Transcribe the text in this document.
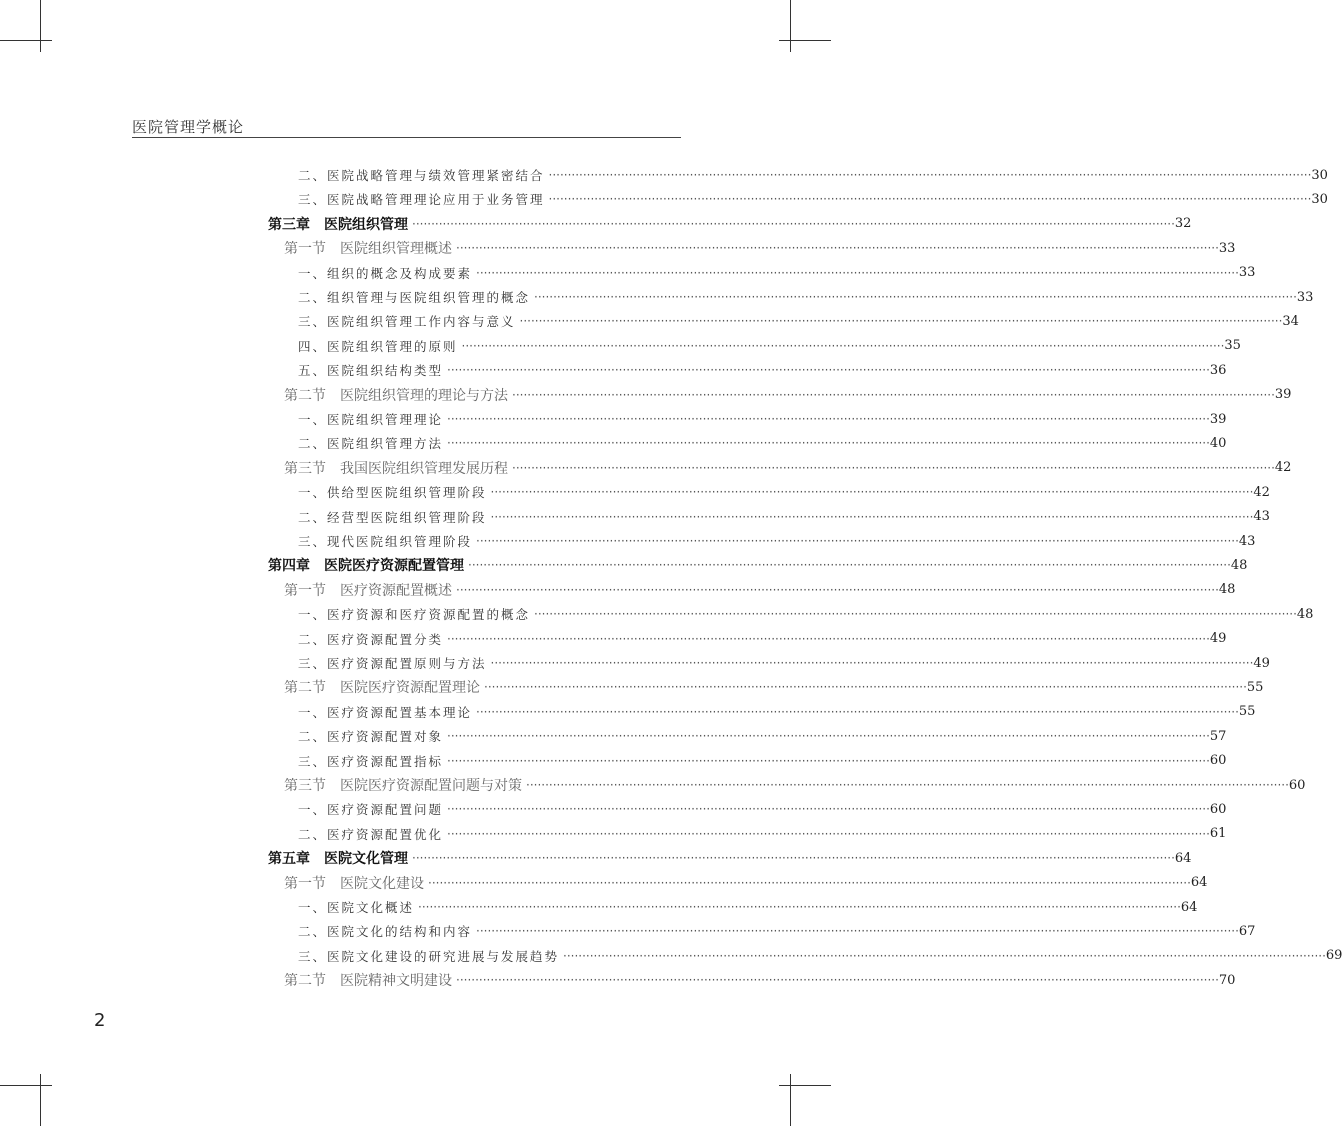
医院管理学概论
二、医院战略管理与绩效管理紧密结合 ········································································································································································································ 30
三、医院战略管理理论应用于业务管理 ········································································································································································································ 30
第三章　医院组织管理 ········································································································································································································ 32
第一节　医院组织管理概述 ········································································································································································································ 33
一、组织的概念及构成要素 ········································································································································································································ 33
二、组织管理与医院组织管理的概念 ········································································································································································································ 33
三、医院组织管理工作内容与意义 ········································································································································································································ 34
四、医院组织管理的原则 ········································································································································································································ 35
五、医院组织结构类型 ········································································································································································································ 36
第二节　医院组织管理的理论与方法 ········································································································································································································ 39
一、医院组织管理理论 ········································································································································································································ 39
二、医院组织管理方法 ········································································································································································································ 40
第三节　我国医院组织管理发展历程 ········································································································································································································ 42
一、供给型医院组织管理阶段 ········································································································································································································ 42
二、经营型医院组织管理阶段 ········································································································································································································ 43
三、现代医院组织管理阶段 ········································································································································································································ 43
第四章　医院医疗资源配置管理 ········································································································································································································ 48
第一节　医疗资源配置概述 ········································································································································································································ 48
一、医疗资源和医疗资源配置的概念 ········································································································································································································ 48
二、医疗资源配置分类 ········································································································································································································ 49
三、医疗资源配置原则与方法 ········································································································································································································ 49
第二节　医院医疗资源配置理论 ········································································································································································································ 55
一、医疗资源配置基本理论 ········································································································································································································ 55
二、医疗资源配置对象 ········································································································································································································ 57
三、医疗资源配置指标 ········································································································································································································ 60
第三节　医院医疗资源配置问题与对策 ········································································································································································································ 60
一、医疗资源配置问题 ········································································································································································································ 60
二、医疗资源配置优化 ········································································································································································································ 61
第五章　医院文化管理 ········································································································································································································ 64
第一节　医院文化建设 ········································································································································································································ 64
一、医院文化概述 ········································································································································································································ 64
二、医院文化的结构和内容 ········································································································································································································ 67
三、医院文化建设的研究进展与发展趋势 ········································································································································································································ 69
第二节　医院精神文明建设 ········································································································································································································ 70
2
